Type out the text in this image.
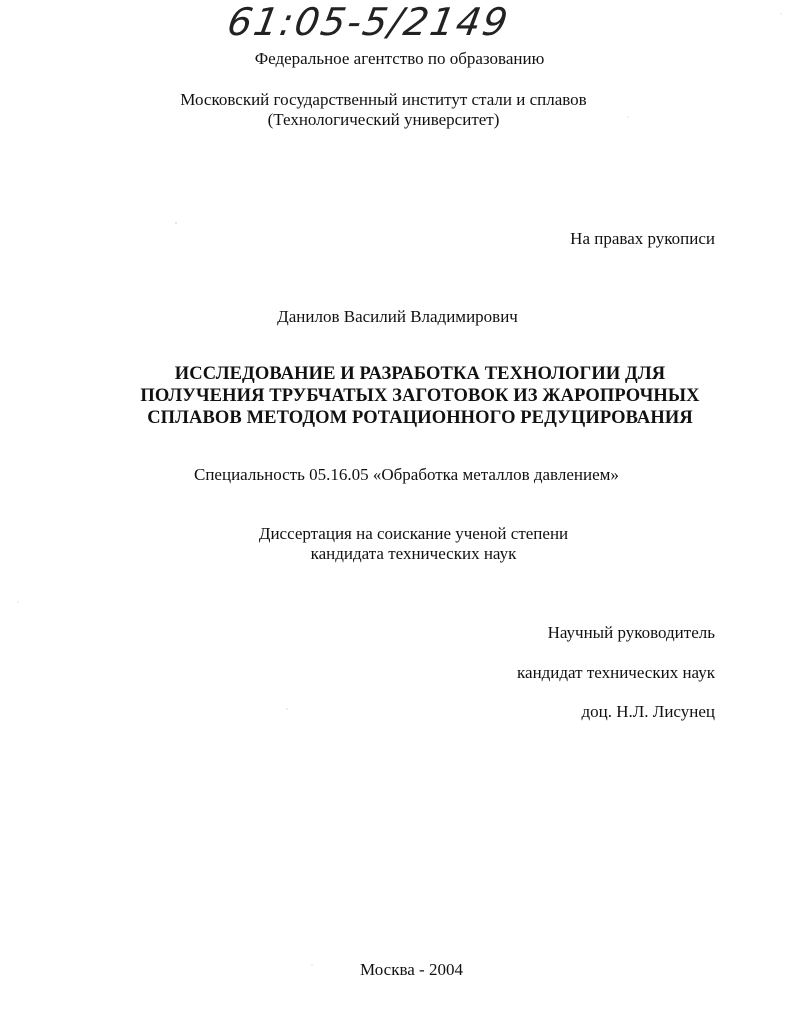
61:05-5/2149
Федеральное агентство по образованию
Московский государственный институт стали и сплавов
(Технологический университет)
На правах рукописи
Данилов Василий Владимирович
ИССЛЕДОВАНИЕ И РАЗРАБОТКА ТЕХНОЛОГИИ ДЛЯ
ПОЛУЧЕНИЯ ТРУБЧАТЫХ ЗАГОТОВОК ИЗ ЖАРОПРОЧНЫХ
СПЛАВОВ МЕТОДОМ РОТАЦИОННОГО РЕДУЦИРОВАНИЯ
Специальность 05.16.05 «Обработка металлов давлением»
Диссертация на соискание ученой степени
кандидата технических наук
Научный руководитель
кандидат технических наук
доц. Н.Л. Лисунец
Москва - 2004
